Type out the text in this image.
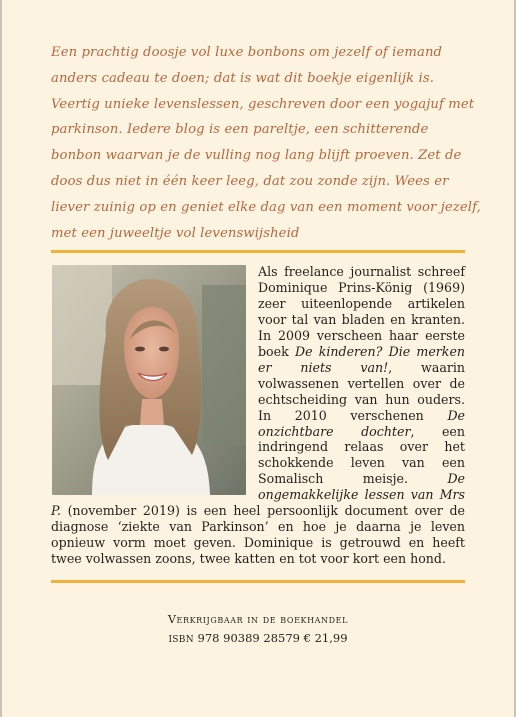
Een prachtig doosje vol luxe bonbons om jezelf of iemand anders cadeau te doen; dat is wat dit boekje eigenlijk is. Veertig unieke levenslessen, geschreven door een yogajuf met parkinson. Iedere blog is een pareltje, een schitterende bonbon waarvan je de vulling nog lang blijft proeven. Zet de doos dus niet in één keer leeg, dat zou zonde zijn. Wees er liever zuinig op en geniet elke dag van een moment voor jezelf, met een juweeltje vol levenswijsheid

Als freelance journalist schreef Dominique Prins-König (1969) zeer uiteenlopende artikelen voor tal van bladen en kranten. In 2009 verscheen haar eerste boek De kinderen? Die merken er niets van!, waarin volwassenen vertellen over de echtscheiding van hun ouders. In 2010 verschenen De onzichtbare dochter, een indringend relaas over het schokkende leven van een Somalisch meisje. De ongemakkelijke lessen van Mrs P. (november 2019) is een heel persoonlijk document over de diagnose ‘ziekte van Parkinson’ en hoe je daarna je leven opnieuw vorm moet geven. Dominique is getrouwd en heeft twee volwassen zoons, twee katten en tot voor kort een hond.
Verkrijgbaar in de boekhandel
ISBN 978 90389 28579 € 21,99
